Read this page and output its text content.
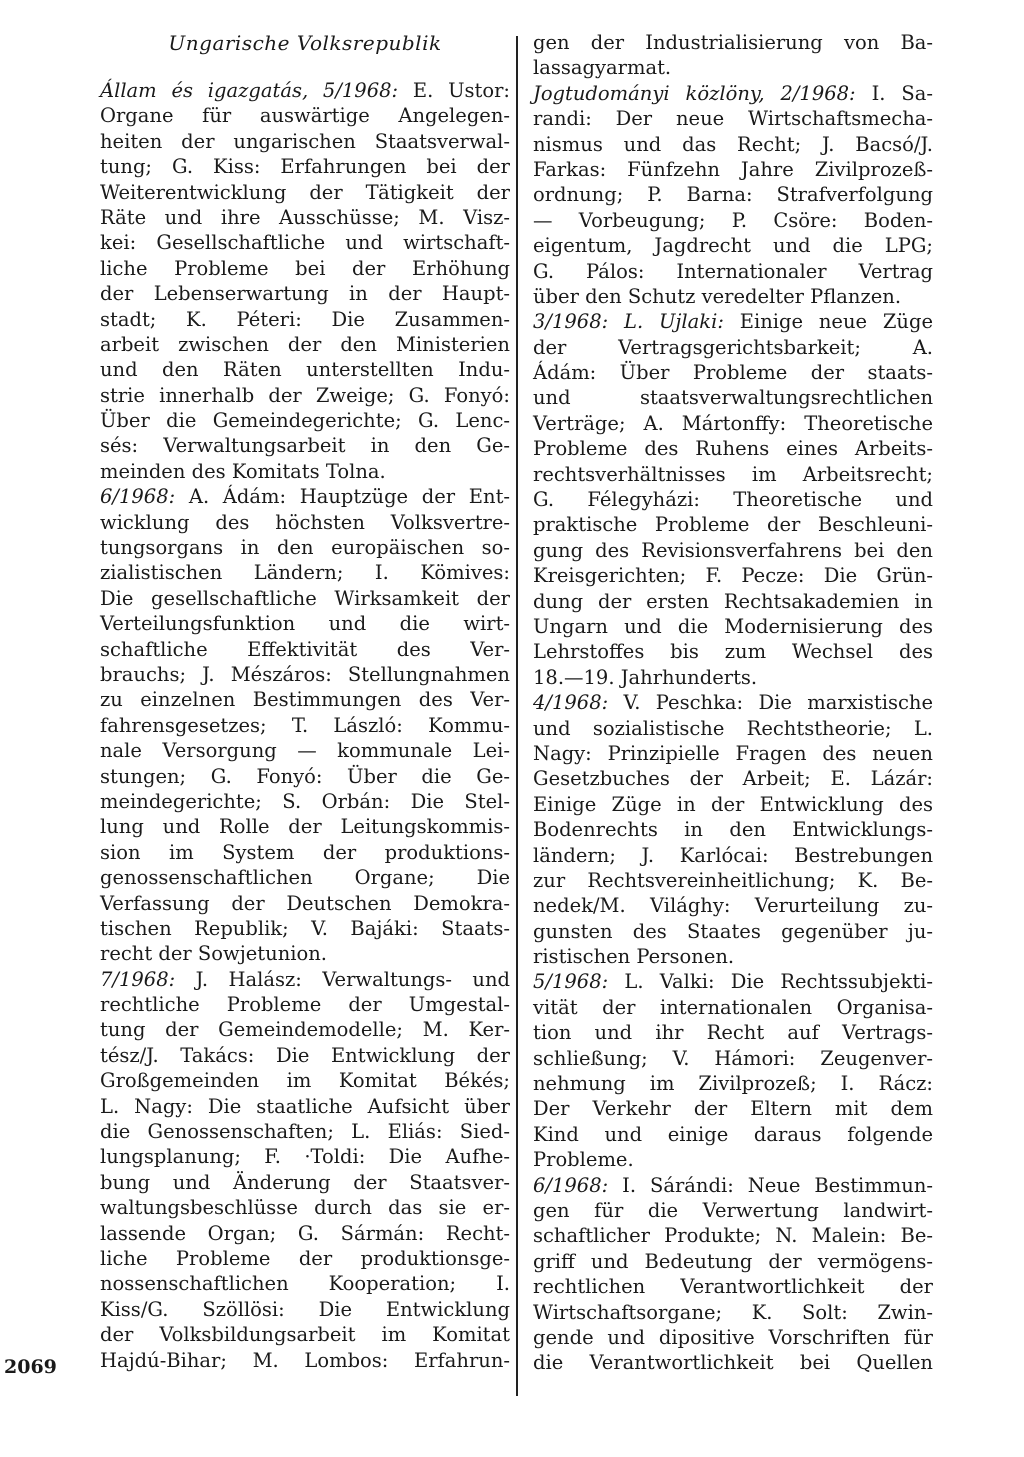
Ungarische Volksrepublik
Állam és igazgatás, 5/1968: E. Ustor:
Organe für auswärtige Angelegen-
heiten der ungarischen Staatsverwal-
tung; G. Kiss: Erfahrungen bei der
Weiterentwicklung der Tätigkeit der
Räte und ihre Ausschüsse; M. Visz-
kei: Gesellschaftliche und wirtschaft-
liche Probleme bei der Erhöhung
der Lebenserwartung in der Haupt-
stadt; K. Péteri: Die Zusammen-
arbeit zwischen der den Ministerien
und den Räten unterstellten Indu-
strie innerhalb der Zweige; G. Fonyó:
Über die Gemeindegerichte; G. Lenc-
sés: Verwaltungsarbeit in den Ge-
meinden des Komitats Tolna.
6/1968: A. Ádám: Hauptzüge der Ent-
wicklung des höchsten Volksvertre-
tungsorgans in den europäischen so-
zialistischen Ländern; I. Kömives:
Die gesellschaftliche Wirksamkeit der
Verteilungsfunktion und die wirt-
schaftliche Effektivität des Ver-
brauchs; J. Mészáros: Stellungnahmen
zu einzelnen Bestimmungen des Ver-
fahrensgesetzes; T. László: Kommu-
nale Versorgung — kommunale Lei-
stungen; G. Fonyó: Über die Ge-
meindegerichte; S. Orbán: Die Stel-
lung und Rolle der Leitungskommis-
sion im System der produktions-
genossenschaftlichen Organe; Die
Verfassung der Deutschen Demokra-
tischen Republik; V. Bajáki: Staats-
recht der Sowjetunion.
7/1968: J. Halász: Verwaltungs- und
rechtliche Probleme der Umgestal-
tung der Gemeindemodelle; M. Ker-
tész/J. Takács: Die Entwicklung der
Großgemeinden im Komitat Békés;
L. Nagy: Die staatliche Aufsicht über
die Genossenschaften; L. Eliás: Sied-
lungsplanung; F. ·Toldi: Die Aufhe-
bung und Änderung der Staatsver-
waltungsbeschlüsse durch das sie er-
lassende Organ; G. Sármán: Recht-
liche Probleme der produktionsge-
nossenschaftlichen Kooperation; I.
Kiss/G. Szöllösi: Die Entwicklung
der Volksbildungsarbeit im Komitat
Hajdú-Bihar; M. Lombos: Erfahrun-
gen der Industrialisierung von Ba-
lassagyarmat.
Jogtudományi közlöny, 2/1968: I. Sa-
randi: Der neue Wirtschaftsmecha-
nismus und das Recht; J. Bacsó/J.
Farkas: Fünfzehn Jahre Zivilprozeß-
ordnung; P. Barna: Strafverfolgung
— Vorbeugung; P. Csöre: Boden-
eigentum, Jagdrecht und die LPG;
G. Pálos: Internationaler Vertrag
über den Schutz veredelter Pflanzen.
3/1968: L. Ujlaki: Einige neue Züge
der Vertragsgerichtsbarkeit; A.
Ádám: Über Probleme der staats-
und staatsverwaltungsrechtlichen
Verträge; A. Mártonffy: Theoretische
Probleme des Ruhens eines Arbeits-
rechtsverhältnisses im Arbeitsrecht;
G. Félegyházi: Theoretische und
praktische Probleme der Beschleuni-
gung des Revisionsverfahrens bei den
Kreisgerichten; F. Pecze: Die Grün-
dung der ersten Rechtsakademien in
Ungarn und die Modernisierung des
Lehrstoffes bis zum Wechsel des
18.—19. Jahrhunderts.
4/1968: V. Peschka: Die marxistische
und sozialistische Rechtstheorie; L.
Nagy: Prinzipielle Fragen des neuen
Gesetzbuches der Arbeit; E. Lázár:
Einige Züge in der Entwicklung des
Bodenrechts in den Entwicklungs-
ländern; J. Karlócai: Bestrebungen
zur Rechtsvereinheitlichung; K. Be-
nedek/M. Világhy: Verurteilung zu-
gunsten des Staates gegenüber ju-
ristischen Personen.
5/1968: L. Valki: Die Rechtssubjekti-
vität der internationalen Organisa-
tion und ihr Recht auf Vertrags-
schließung; V. Hámori: Zeugenver-
nehmung im Zivilprozeß; I. Rácz:
Der Verkehr der Eltern mit dem
Kind und einige daraus folgende
Probleme.
6/1968: I. Sárándi: Neue Bestimmun-
gen für die Verwertung landwirt-
schaftlicher Produkte; N. Malein: Be-
griff und Bedeutung der vermögens-
rechtlichen Verantwortlichkeit der
Wirtschaftsorgane; K. Solt: Zwin-
gende und dipositive Vorschriften für
die Verantwortlichkeit bei Quellen
2069
